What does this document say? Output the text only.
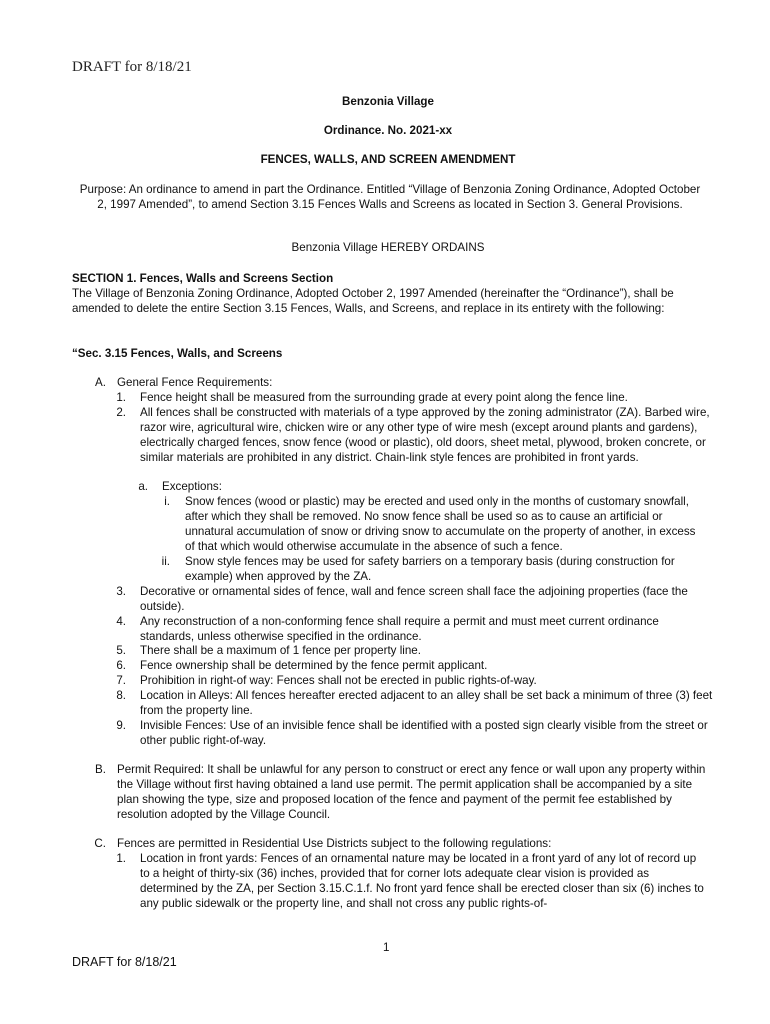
DRAFT for 8/18/21

Benzonia Village

Ordinance. No. 2021-xx

FENCES, WALLS, AND SCREEN AMENDMENT

Purpose: An ordinance to amend in part the Ordinance. Entitled “Village of Benzonia Zoning Ordinance, Adopted October 2, 1997 Amended”, to amend Section 3.15 Fences Walls and Screens as located in Section 3. General Provisions.

Benzonia Village HEREBY ORDAINS

SECTION 1. Fences, Walls and Screens Section

The Village of Benzonia Zoning Ordinance, Adopted October 2, 1997 Amended (hereinafter the “Ordinance”), shall be amended to delete the entire Section 3.15 Fences, Walls, and Screens, and replace in its entirety with the following:

“Sec. 3.15 Fences, Walls, and Screens

A. General Fence Requirements:

1. Fence height shall be measured from the surrounding grade at every point along the fence line.

2. All fences shall be constructed with materials of a type approved by the zoning administrator (ZA). Barbed wire, razor wire, agricultural wire, chicken wire or any other type of wire mesh (except around plants and gardens), electrically charged fences, snow fence (wood or plastic), old doors, sheet metal, plywood, broken concrete, or similar materials are prohibited in any district. Chain-link style fences are prohibited in front yards.

a. Exceptions:

i. Snow fences (wood or plastic) may be erected and used only in the months of customary snowfall, after which they shall be removed. No snow fence shall be used so as to cause an artificial or unnatural accumulation of snow or driving snow to accumulate on the property of another, in excess of that which would otherwise accumulate in the absence of such a fence.

ii. Snow style fences may be used for safety barriers on a temporary basis (during construction for example) when approved by the ZA.

3. Decorative or ornamental sides of fence, wall and fence screen shall face the adjoining properties (face the outside).

4. Any reconstruction of a non-conforming fence shall require a permit and must meet current ordinance standards, unless otherwise specified in the ordinance.

5. There shall be a maximum of 1 fence per property line.

6. Fence ownership shall be determined by the fence permit applicant.

7. Prohibition in right-of way: Fences shall not be erected in public rights-of-way.

8. Location in Alleys: All fences hereafter erected adjacent to an alley shall be set back a minimum of three (3) feet from the property line.

9. Invisible Fences: Use of an invisible fence shall be identified with a posted sign clearly visible from the street or other public right-of-way.

B. Permit Required: It shall be unlawful for any person to construct or erect any fence or wall upon any property within the Village without first having obtained a land use permit. The permit application shall be accompanied by a site plan showing the type, size and proposed location of the fence and payment of the permit fee established by resolution adopted by the Village Council.

C. Fences are permitted in Residential Use Districts subject to the following regulations:

1. Location in front yards: Fences of an ornamental nature may be located in a front yard of any lot of record up to a height of thirty-six (36) inches, provided that for corner lots adequate clear vision is provided as determined by the ZA, per Section 3.15.C.1.f. No front yard fence shall be erected closer than six (6) inches to any public sidewalk or the property line, and shall not cross any public rights-of-

1

DRAFT for 8/18/21
